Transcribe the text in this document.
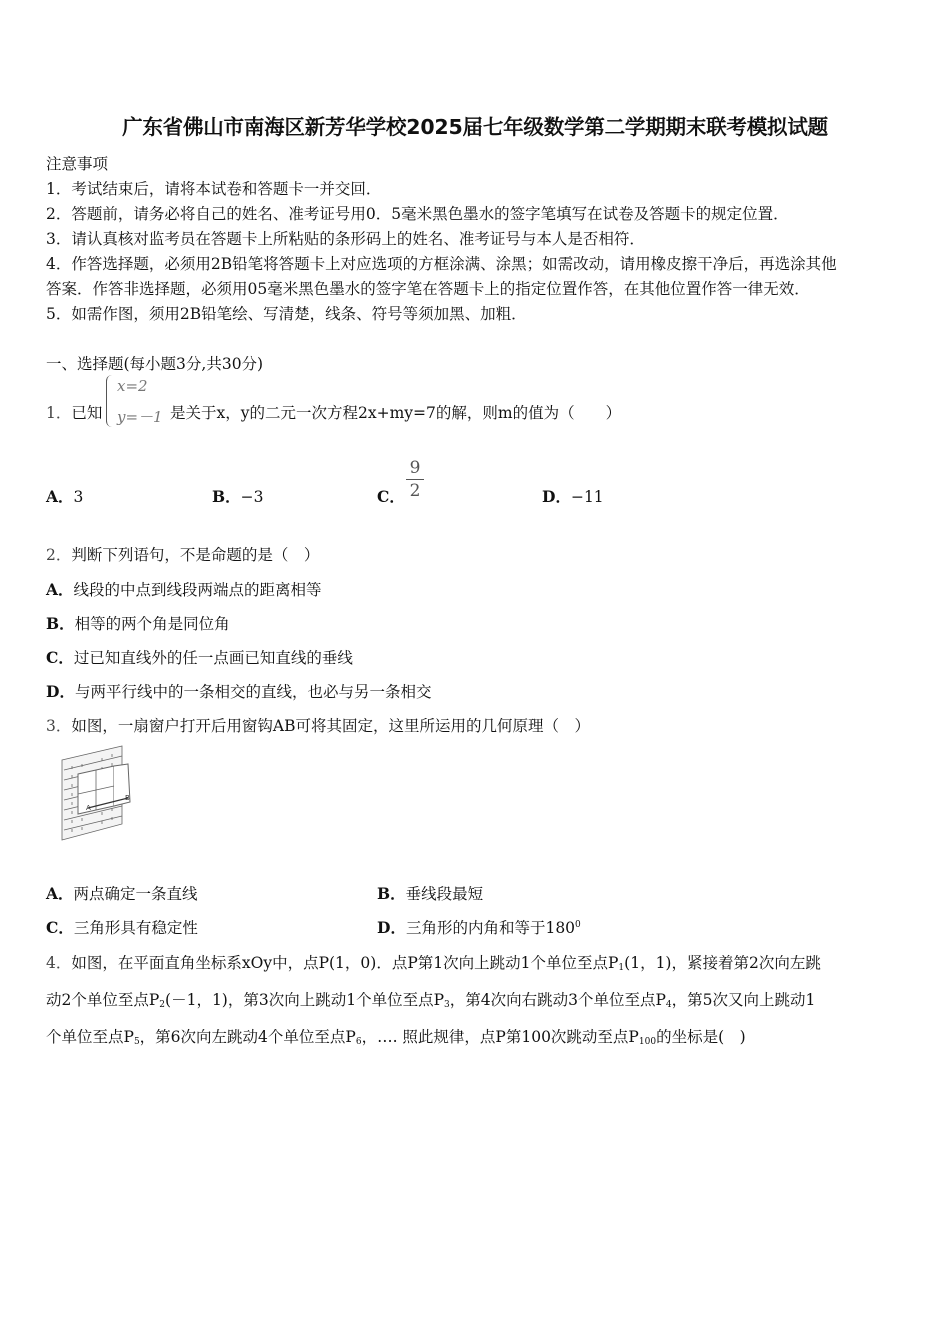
广东省佛山市南海区新芳华学校2025届七年级数学第二学期期末联考模拟试题
注意事项
1．考试结束后，请将本试卷和答题卡一并交回．
2．答题前，请务必将自己的姓名、准考证号用0．5毫米黑色墨水的签字笔填写在试卷及答题卡的规定位置．
3．请认真核对监考员在答题卡上所粘贴的条形码上的姓名、准考证号与本人是否相符．
4．作答选择题，必须用2B铅笔将答题卡上对应选项的方框涂满、涂黑；如需改动，请用橡皮擦干净后，再选涂其他
答案．作答非选择题，必须用05毫米黑色墨水的签字笔在答题卡上的指定位置作答，在其他位置作答一律无效．
5．如需作图，须用2B铅笔绘、写清楚，线条、符号等须加黑、加粗．
一、选择题(每小题3分,共30分)
1．已知
x=2
y=－1 是关于x，y的二元一次方程2x+my=7的解，则m的值为（　　）
A．3	B．−3	C．
9
2	D．−11
2．判断下列语句，不是命题的是（　）
A．线段的中点到线段两端点的距离相等
B．相等的两个角是同位角
C．过已知直线外的任一点画已知直线的垂线
D．与两平行线中的一条相交的直线，也必与另一条相交
3．如图，一扇窗户打开后用窗钩AB可将其固定，这里所运用的几何原理（　）
A
B
A．两点确定一条直线	B．垂线段最短
C．三角形具有稳定性	D．三角形的内角和等于$180^0$
4．如图，在平面直角坐标系xOy中，点P(1，0)．点P第1次向上跳动1个单位至点$P_1(1$，1)，紧接着第2次向左跳
动2个单位至点$P_2(-1$，1)，第3次向上跳动1个单位至点$P_3$，第4次向右跳动3个单位至点$P_4$，第5次又向上跳动1
个单位至点$P_5$，第6次向左跳动4个单位至点$P_6$，…. 照此规律，点P第100次跳动至点$P_{100}$的坐标是(　)
